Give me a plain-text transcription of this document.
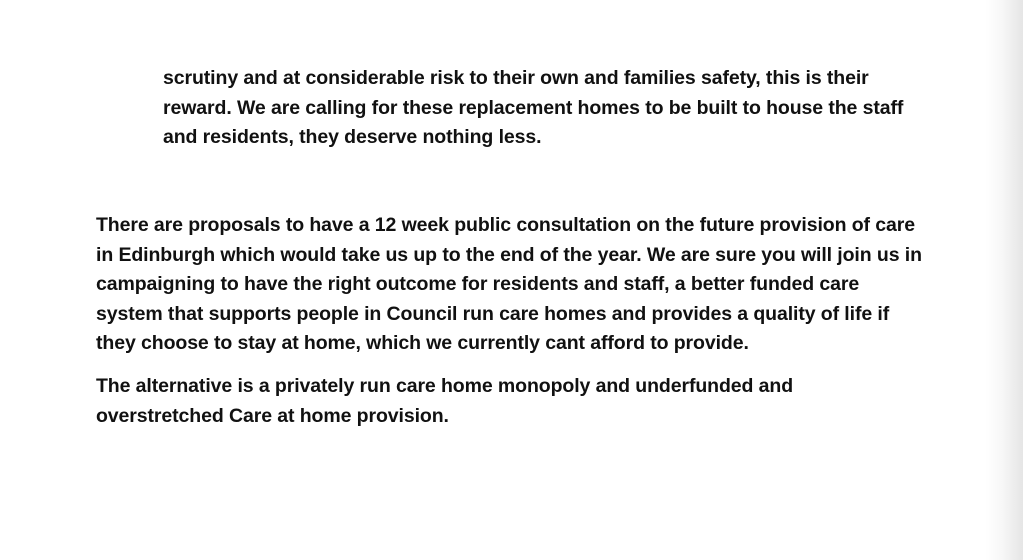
scrutiny and at considerable risk to their own and families safety, this is their
reward. We are calling for these replacement homes to be built to house the staff
and residents, they deserve nothing less.

There are proposals to have a 12 week public consultation on the future provision of care
in Edinburgh which would take us up to the end of the year. We are sure you will join us in
campaigning to have the right outcome for residents and staff, a better funded care
system that supports people in Council run care homes and provides a quality of life if
they choose to stay at home, which we currently cant afford to provide.

The alternative is a privately run care home monopoly and underfunded and
overstretched Care at home provision.
